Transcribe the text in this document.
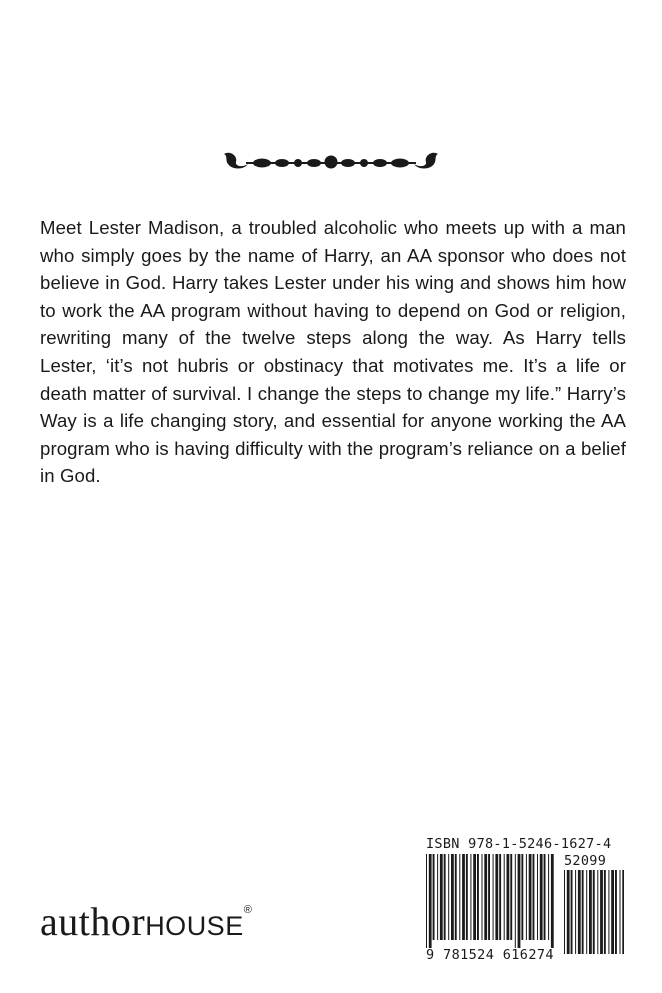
Meet Lester Madison, a troubled alcoholic who meets up with a man who simply goes by the name of Harry, an AA sponsor who does not believe in God. Harry takes Lester under his wing and shows him how to work the AA program without having to depend on God or religion, rewriting many of the twelve steps along the way. As Harry tells Lester, ‘it’s not hubris or obstinacy that motivates me. It’s a life or death matter of survival. I change the steps to change my life.” Harry’s Way is a life changing story, and essential for anyone working the AA program who is having difficulty with the program’s reliance on a belief in God.

authorHOUSE®
ISBN 978-1-5246-1627-4
52099
9 781524 616274
